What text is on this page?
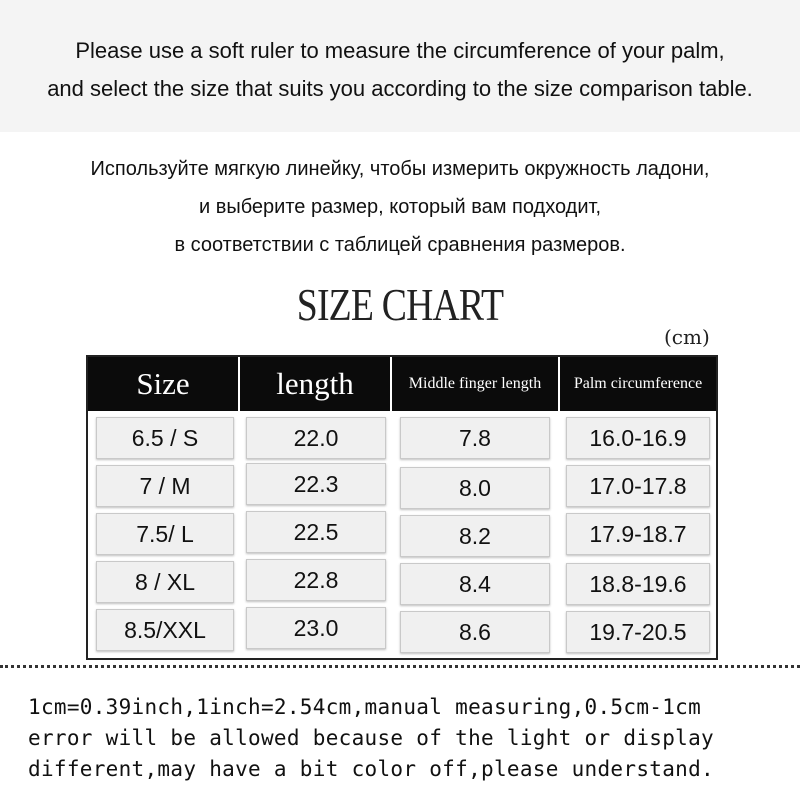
Please use a soft ruler to measure the circumference of your palm,
and select the size that suits you according to the size comparison table.
Используйте мягкую линейку, чтобы измерить окружность ладони,
и выберите размер, который вам подходит,
в соответствии с таблицей сравнения размеров.
SIZE CHART
(cm)
Size	length	Middle finger length	Palm circumference
6.5 / S	22.0	7.8	16.0-16.9
7 / M	22.3	8.0	17.0-17.8
7.5/ L	22.5	8.2	17.9-18.7
8 / XL	22.8	8.4	18.8-19.6
8.5/XXL	23.0	8.6	19.7-20.5
1cm=0.39inch,1inch=2.54cm,manual measuring,0.5cm-1cm
error will be allowed because of the light or display
different,may have a bit color off,please understand.
